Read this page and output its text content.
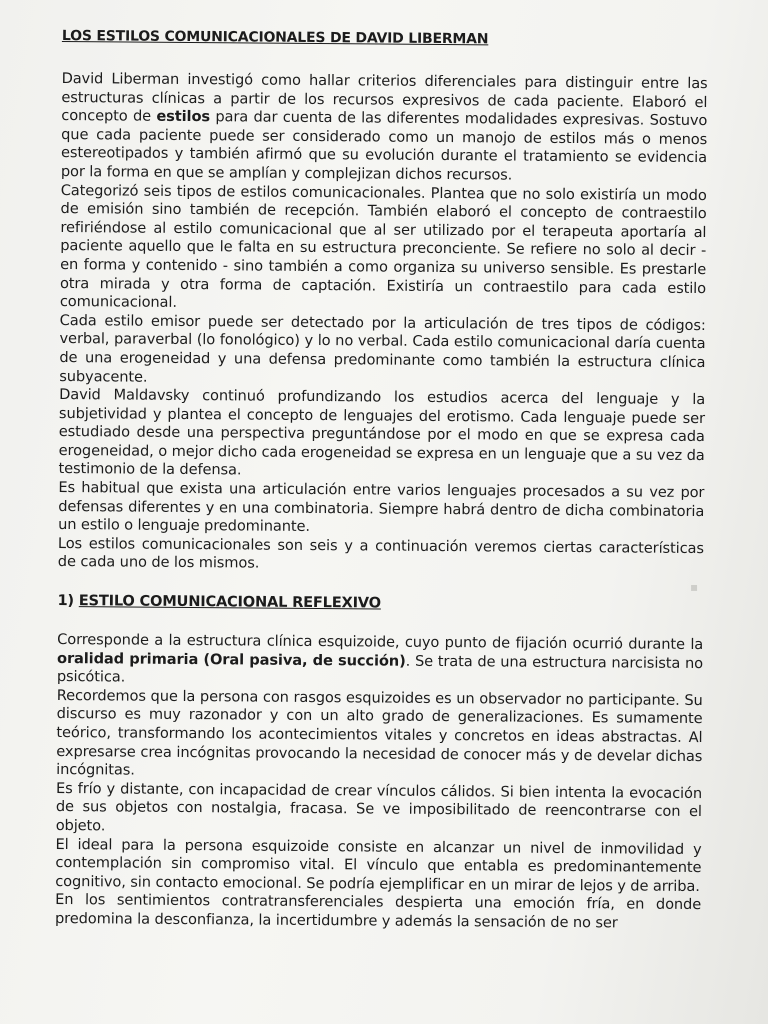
▪
LOS ESTILOS COMUNICACIONALES DE DAVID LIBERMAN

David Liberman investigó como hallar criterios diferenciales para distinguir entre las estructuras clínicas a partir de los recursos expresivos de cada paciente. Elaboró el concepto de estilos para dar cuenta de las diferentes modalidades expresivas. Sostuvo que cada paciente puede ser considerado como un manojo de estilos más o menos estereotipados y también afirmó que su evolución durante el tratamiento se evidencia por la forma en que se amplían y complejizan dichos recursos.

Categorizó seis tipos de estilos comunicacionales. Plantea que no solo existiría un modo de emisión sino también de recepción. También elaboró el concepto de contraestilo refiriéndose al estilo comunicacional que al ser utilizado por el terapeuta aportaría al paciente aquello que le falta en su estructura preconciente. Se refiere no solo al decir - en forma y contenido - sino también a como organiza su universo sensible. Es prestarle otra mirada y otra forma de captación. Existiría un contraestilo para cada estilo comunicacional.

Cada estilo emisor puede ser detectado por la articulación de tres tipos de códigos: verbal, paraverbal (lo fonológico) y lo no verbal. Cada estilo comunicacional daría cuenta de una erogeneidad y una defensa predominante como también la estructura clínica subyacente.

David Maldavsky continuó profundizando los estudios acerca del lenguaje y la subjetividad y plantea el concepto de lenguajes del erotismo. Cada lenguaje puede ser estudiado desde una perspectiva preguntándose por el modo en que se expresa cada erogeneidad, o mejor dicho cada erogeneidad se expresa en un lenguaje que a su vez da testimonio de la defensa.

Es habitual que exista una articulación entre varios lenguajes procesados a su vez por defensas diferentes y en una combinatoria. Siempre habrá dentro de dicha combinatoria un estilo o lenguaje predominante.

Los estilos comunicacionales son seis y a continuación veremos ciertas características de cada uno de los mismos.

1) ESTILO COMUNICACIONAL REFLEXIVO

Corresponde a la estructura clínica esquizoide, cuyo punto de fijación ocurrió durante la oralidad primaria (Oral pasiva, de succión). Se trata de una estructura narcisista no psicótica.

Recordemos que la persona con rasgos esquizoides es un observador no participante. Su discurso es muy razonador y con un alto grado de generalizaciones. Es sumamente teórico, transformando los acontecimientos vitales y concretos en ideas abstractas. Al expresarse crea incógnitas provocando la necesidad de conocer más y de develar dichas incógnitas.

Es frío y distante, con incapacidad de crear vínculos cálidos. Si bien intenta la evocación de sus objetos con nostalgia, fracasa. Se ve imposibilitado de reencontrarse con el objeto.

El ideal para la persona esquizoide consiste en alcanzar un nivel de inmovilidad y contemplación sin compromiso vital. El vínculo que entabla es predominantemente cognitivo, sin contacto emocional. Se podría ejemplificar en un mirar de lejos y de arriba.

En los sentimientos contratransferenciales despierta una emoción fría, en donde predomina la desconfianza, la incertidumbre y además la sensación de no ser
